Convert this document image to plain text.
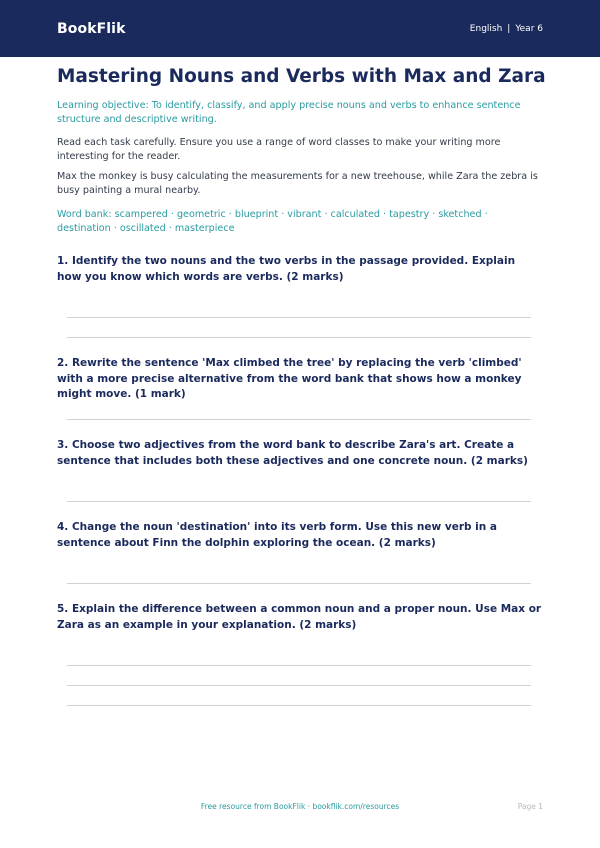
BookFlik	English | Year 6
Mastering Nouns and Verbs with Max and Zara

Learning objective: To identify, classify, and apply precise nouns and verbs to enhance sentence structure and descriptive writing.

Read each task carefully. Ensure you use a range of word classes to make your writing more interesting for the reader.

Max the monkey is busy calculating the measurements for a new treehouse, while Zara the zebra is busy painting a mural nearby.

Word bank: scampered · geometric · blueprint · vibrant · calculated · tapestry · sketched · destination · oscillated · masterpiece

1. Identify the two nouns and the two verbs in the passage provided. Explain how you know which words are verbs. (2 marks)

2. Rewrite the sentence 'Max climbed the tree' by replacing the verb 'climbed' with a more precise alternative from the word bank that shows how a monkey might move. (1 mark)

3. Choose two adjectives from the word bank to describe Zara's art. Create a sentence that includes both these adjectives and one concrete noun. (2 marks)

4. Change the noun 'destination' into its verb form. Use this new verb in a sentence about Finn the dolphin exploring the ocean. (2 marks)

5. Explain the difference between a common noun and a proper noun. Use Max or Zara as an example in your explanation. (2 marks)

Free resource from BookFlik · bookflik.com/resources	Page 1
